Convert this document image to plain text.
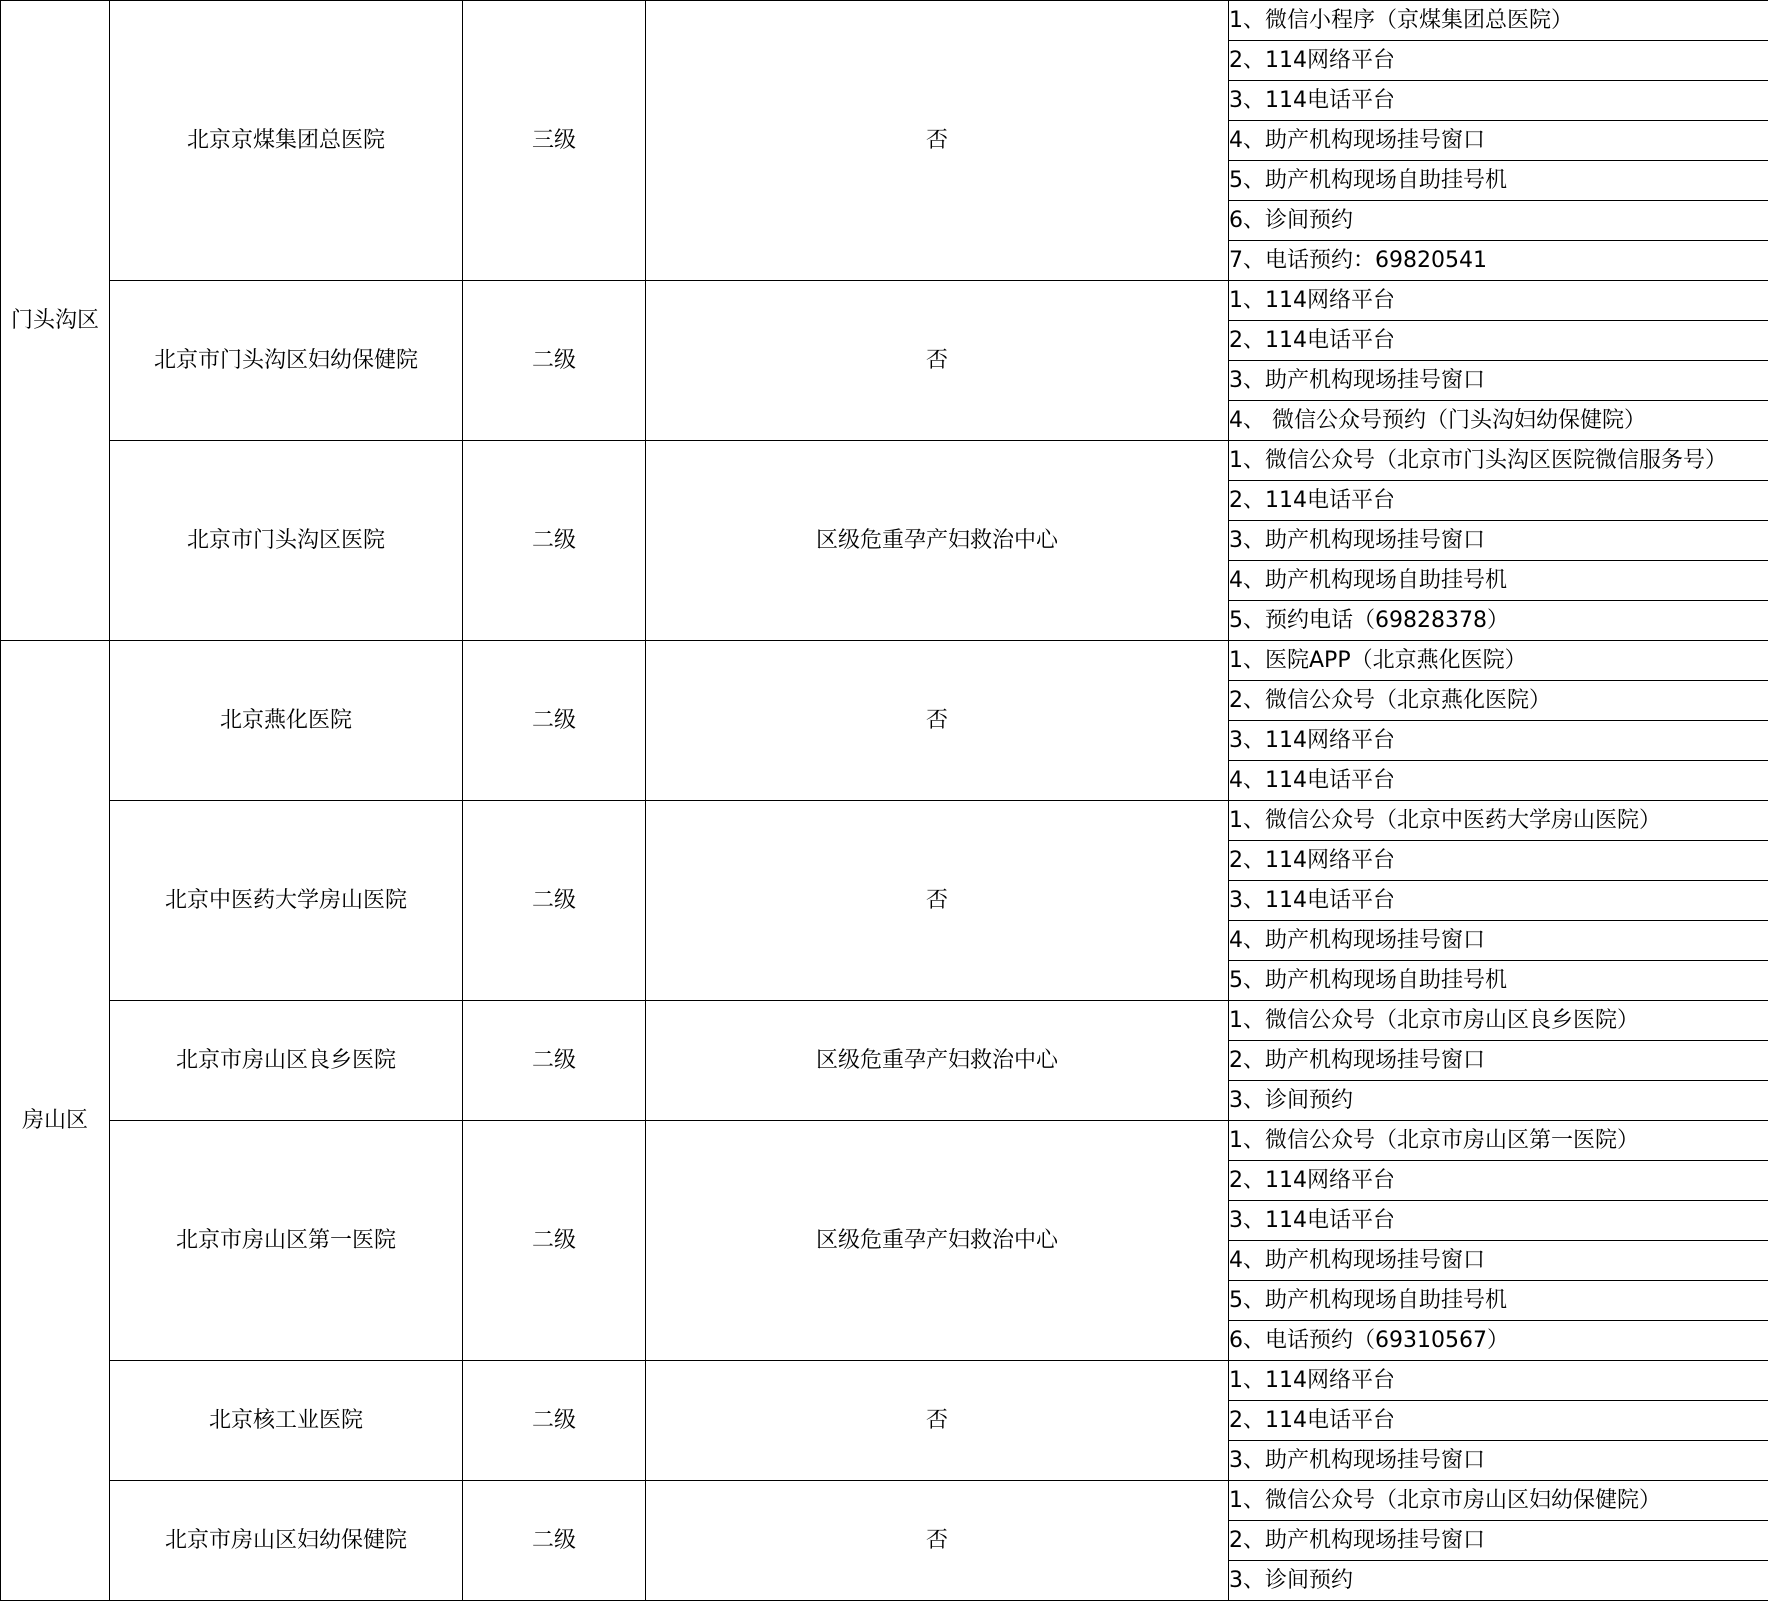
门头沟区	北京京煤集团总医院	三级	否	1、微信小程序（京煤集团总医院）
				2、114网络平台
				3、114电话平台
				4、助产机构现场挂号窗口
				5、助产机构现场自助挂号机
				6、诊间预约
				7、电话预约：69820541
	北京市门头沟区妇幼保健院	二级	否	1、114网络平台
				2、114电话平台
				3、助产机构现场挂号窗口
				4、 微信公众号预约（门头沟妇幼保健院）
	北京市门头沟区医院	二级	区级危重孕产妇救治中心	1、微信公众号（北京市门头沟区医院微信服务号）
				2、114电话平台
				3、助产机构现场挂号窗口
				4、助产机构现场自助挂号机
				5、预约电话（69828378）
房山区	北京燕化医院	二级	否	1、医院APP（北京燕化医院）
				2、微信公众号（北京燕化医院）
				3、114网络平台
				4、114电话平台
	北京中医药大学房山医院	二级	否	1、微信公众号（北京中医药大学房山医院）
				2、114网络平台
				3、114电话平台
				4、助产机构现场挂号窗口
				5、助产机构现场自助挂号机
	北京市房山区良乡医院	二级	区级危重孕产妇救治中心	1、微信公众号（北京市房山区良乡医院）
				2、助产机构现场挂号窗口
				3、诊间预约
	北京市房山区第一医院	二级	区级危重孕产妇救治中心	1、微信公众号（北京市房山区第一医院）
				2、114网络平台
				3、114电话平台
				4、助产机构现场挂号窗口
				5、助产机构现场自助挂号机
				6、电话预约（69310567）
	北京核工业医院	二级	否	1、114网络平台
				2、114电话平台
				3、助产机构现场挂号窗口
	北京市房山区妇幼保健院	二级	否	1、微信公众号（北京市房山区妇幼保健院）
				2、助产机构现场挂号窗口
				3、诊间预约
